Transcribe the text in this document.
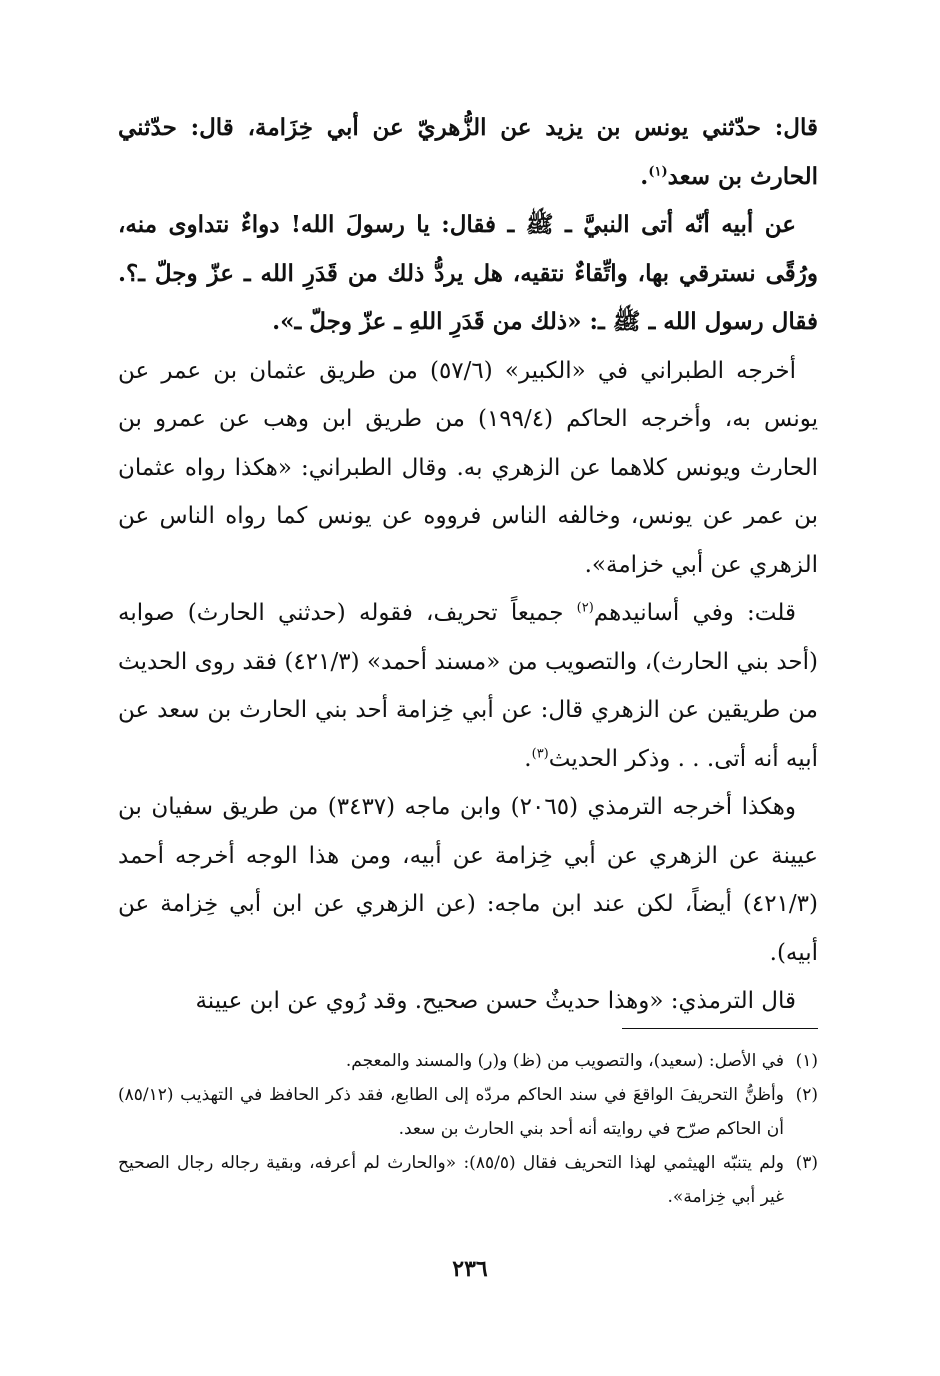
قال: حدّثني يونس بن يزيد عن الزُّهريّ عن أبي خِزَامة، قال: حدّثني الحارث بن سعد$^{(١)}$.

عن أبيه أنّه أتى النبيَّ ـ ﷺ ـ فقال: يا رسولَ الله! دواءٌ نتداوى منه، ورُقًى نسترقي بها، واتِّقاءٌ نتقيه، هل يردُّ ذلك من قَدَرِ الله ـ عزّ وجلّ ـ؟. فقال رسول الله ـ ﷺ ـ: «ذلك من قَدَرِ اللهِ ـ عزّ وجلّ ـ».

أخرجه الطبراني في «الكبير» (٥٧/٦) من طريق عثمان بن عمر عن يونس به، وأخرجه الحاكم (١٩٩/٤) من طريق ابن وهب عن عمرو بن الحارث ويونس كلاهما عن الزهري به. وقال الطبراني: «هكذا رواه عثمان بن عمر عن يونس، وخالفه الناس فرووه عن يونس كما رواه الناس عن الزهري عن أبي خزامة».

قلت: وفي أسانيدهم$^{(٢)}$ جميعاً تحريف، فقوله (حدثني الحارث) صوابه (أحد بني الحارث)، والتصويب من «مسند أحمد» (٤٢١/٣) فقد روى الحديث من طريقين عن الزهري قال: عن أبي خِزامة أحد بني الحارث بن سعد عن أبيه أنه أتى. . . وذكر الحديث$^{(٣)}$.

وهكذا أخرجه الترمذي (٢٠٦٥) وابن ماجه (٣٤٣٧) من طريق سفيان بن عيينة عن الزهري عن أبي خِزامة عن أبيه، ومن هذا الوجه أخرجه أحمد (٤٢١/٣) أيضاً، لكن عند ابن ماجه: (عن الزهري عن ابن أبي خِزامة عن أبيه).

قال الترمذي: «وهذا حديثٌ حسن صحيح. وقد رُوي عن ابن عيينة

(١)
في الأصل: (سعيد)، والتصويب من (ظ) و(ر) والمسند والمعجم.
(٢)
وأظنُّ التحريفَ الواقعَ في سند الحاكم مردّه إلى الطابع، فقد ذكر الحافظ في التهذيب (٨٥/١٢) أن الحاكم صرّح في روايته أنه أحد بني الحارث بن سعد.
(٣)
ولم يتنبّه الهيثمي لهذا التحريف فقال (٨٥/٥): «والحارث لم أعرفه، وبقية رجاله رجال الصحيح غير أبي خِزامة».
٢٣٦
